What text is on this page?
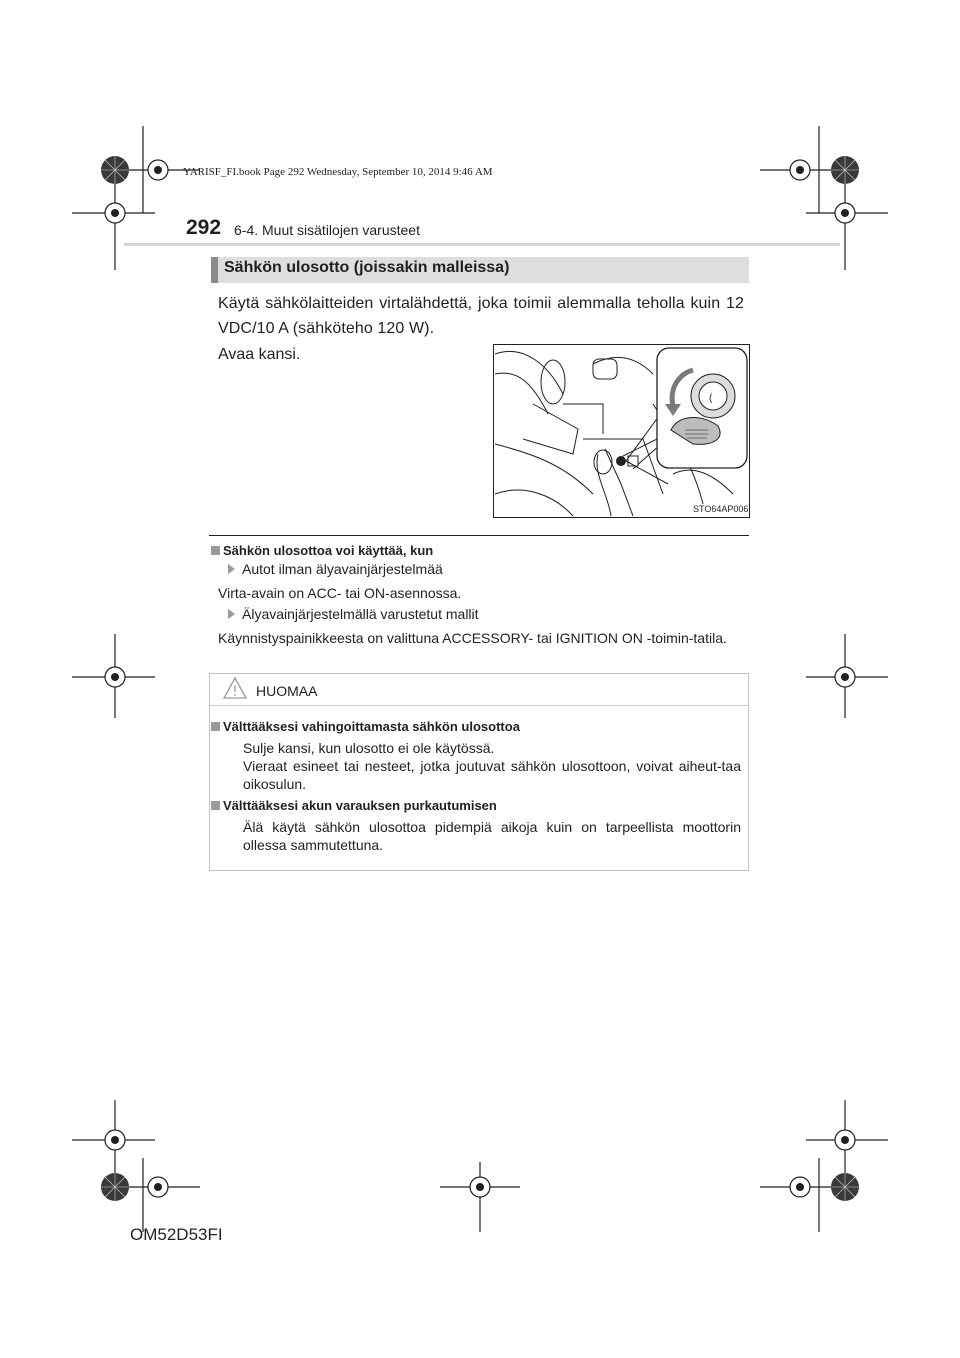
YARISF_FI.book Page 292 Wednesday, September 10, 2014 9:46 AM
292 6-4. Muut sisätilojen varusteet
Sähkön ulosotto (joissakin malleissa)
Käytä sähkölaitteiden virtalähdettä, joka toimii alemmalla teholla kuin 12 VDC/10 A (sähköteho 120 W).
Avaa kansi.
(
STO64AP006
Sähkön ulosottoa voi käyttää, kun
Autot ilman älyavainjärjestelmää
Virta-avain on ACC- tai ON-asennossa.
Älyavainjärjestelmällä varustetut mallit
Käynnistyspainikkeesta on valittuna ACCESSORY- tai IGNITION ON -toimin-tatila.
HUOMAA
Välttääksesi vahingoittamasta sähkön ulosottoa
Sulje kansi, kun ulosotto ei ole käytössä.
Vieraat esineet tai nesteet, jotka joutuvat sähkön ulosottoon, voivat aiheut-taa oikosulun.
Välttääksesi akun varauksen purkautumisen
Älä käytä sähkön ulosottoa pidempiä aikoja kuin on tarpeellista moottorin ollessa sammutettuna.
OM52D53FI
